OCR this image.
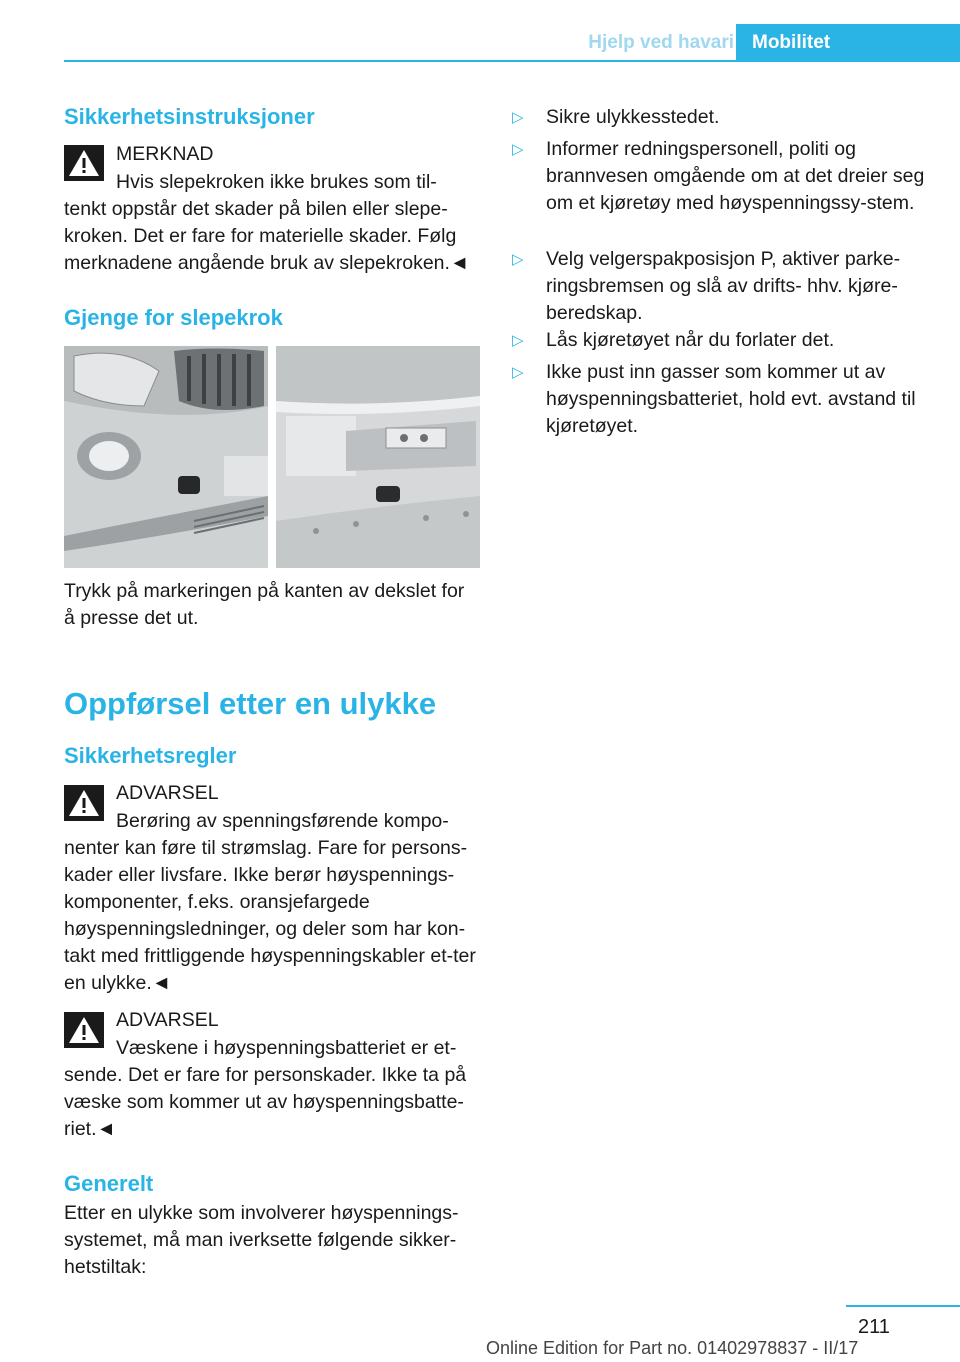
Hjelp ved havari Mobilitet
Sikkerhetsinstruksjoner
MERKNAD
Hvis slepekroken ikke brukes som til-
tenkt oppstår det skader på bilen eller slepe-kroken. Det er fare for materielle skader. Følg merknadene angående bruk av slepekroken.◄
Gjenge for slepekrok
Trykk på markeringen på kanten av dekslet for å presse det ut.
Oppførsel etter en ulykke
Sikkerhetsregler
ADVARSEL
Berøring av spenningsførende kompo-
nenter kan føre til strømslag. Fare for persons-kader eller livsfare. Ikke berør høyspennings-komponenter, f.eks. oransjefargede høyspenningsledninger, og deler som har kon-takt med frittliggende høyspenningskabler et-ter en ulykke.◄
ADVARSEL
Væskene i høyspenningsbatteriet er et-
sende. Det er fare for personskader. Ikke ta på væske som kommer ut av høyspenningsbatte-riet.◄
Generelt
Etter en ulykke som involverer høyspennings-systemet, må man iverksette følgende sikker-hetstiltak:
▷ Sikre ulykkesstedet.
▷ Informer redningspersonell, politi og brannvesen omgående om at det dreier seg om et kjøretøy med høyspenningssy-stem.
▷ Velg velgerspakposisjon P, aktiver parke-ringsbremsen og slå av drifts- hhv. kjøre-beredskap.
▷ Lås kjøretøyet når du forlater det.
▷ Ikke pust inn gasser som kommer ut av høyspenningsbatteriet, hold evt. avstand til kjøretøyet.
211
Online Edition for Part no. 01402978837 - II/17
